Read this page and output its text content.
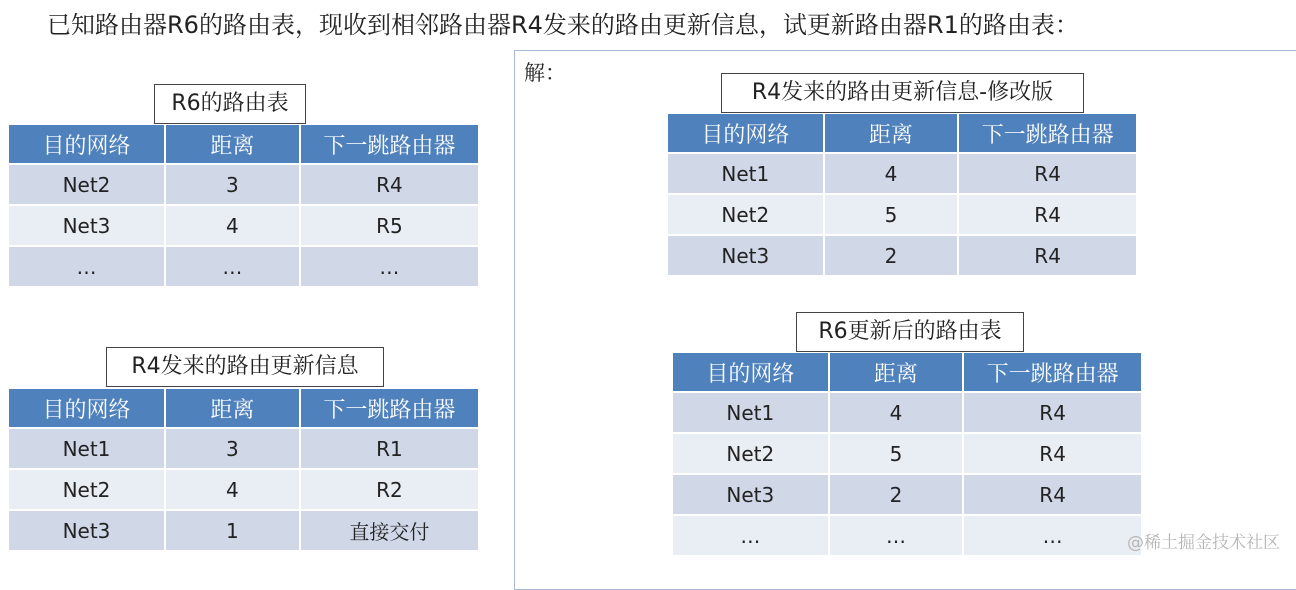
已知路由器R6的路由表，现收到相邻路由器R4发来的路由更新信息，试更新路由器R1的路由表：
解：
R6的路由表
目的网络	距离	下一跳路由器
Net2	3	R4
Net3	4	R5
…	…	…
R4发来的路由更新信息
目的网络	距离	下一跳路由器
Net1	3	R1
Net2	4	R2
Net3	1	直接交付
R4发来的路由更新信息-修改版
目的网络	距离	下一跳路由器
Net1	4	R4
Net2	5	R4
Net3	2	R4
R6更新后的路由表
目的网络	距离	下一跳路由器
Net1	4	R4
Net2	5	R4
Net3	2	R4
…	…	…	@稀土掘金技术社区
